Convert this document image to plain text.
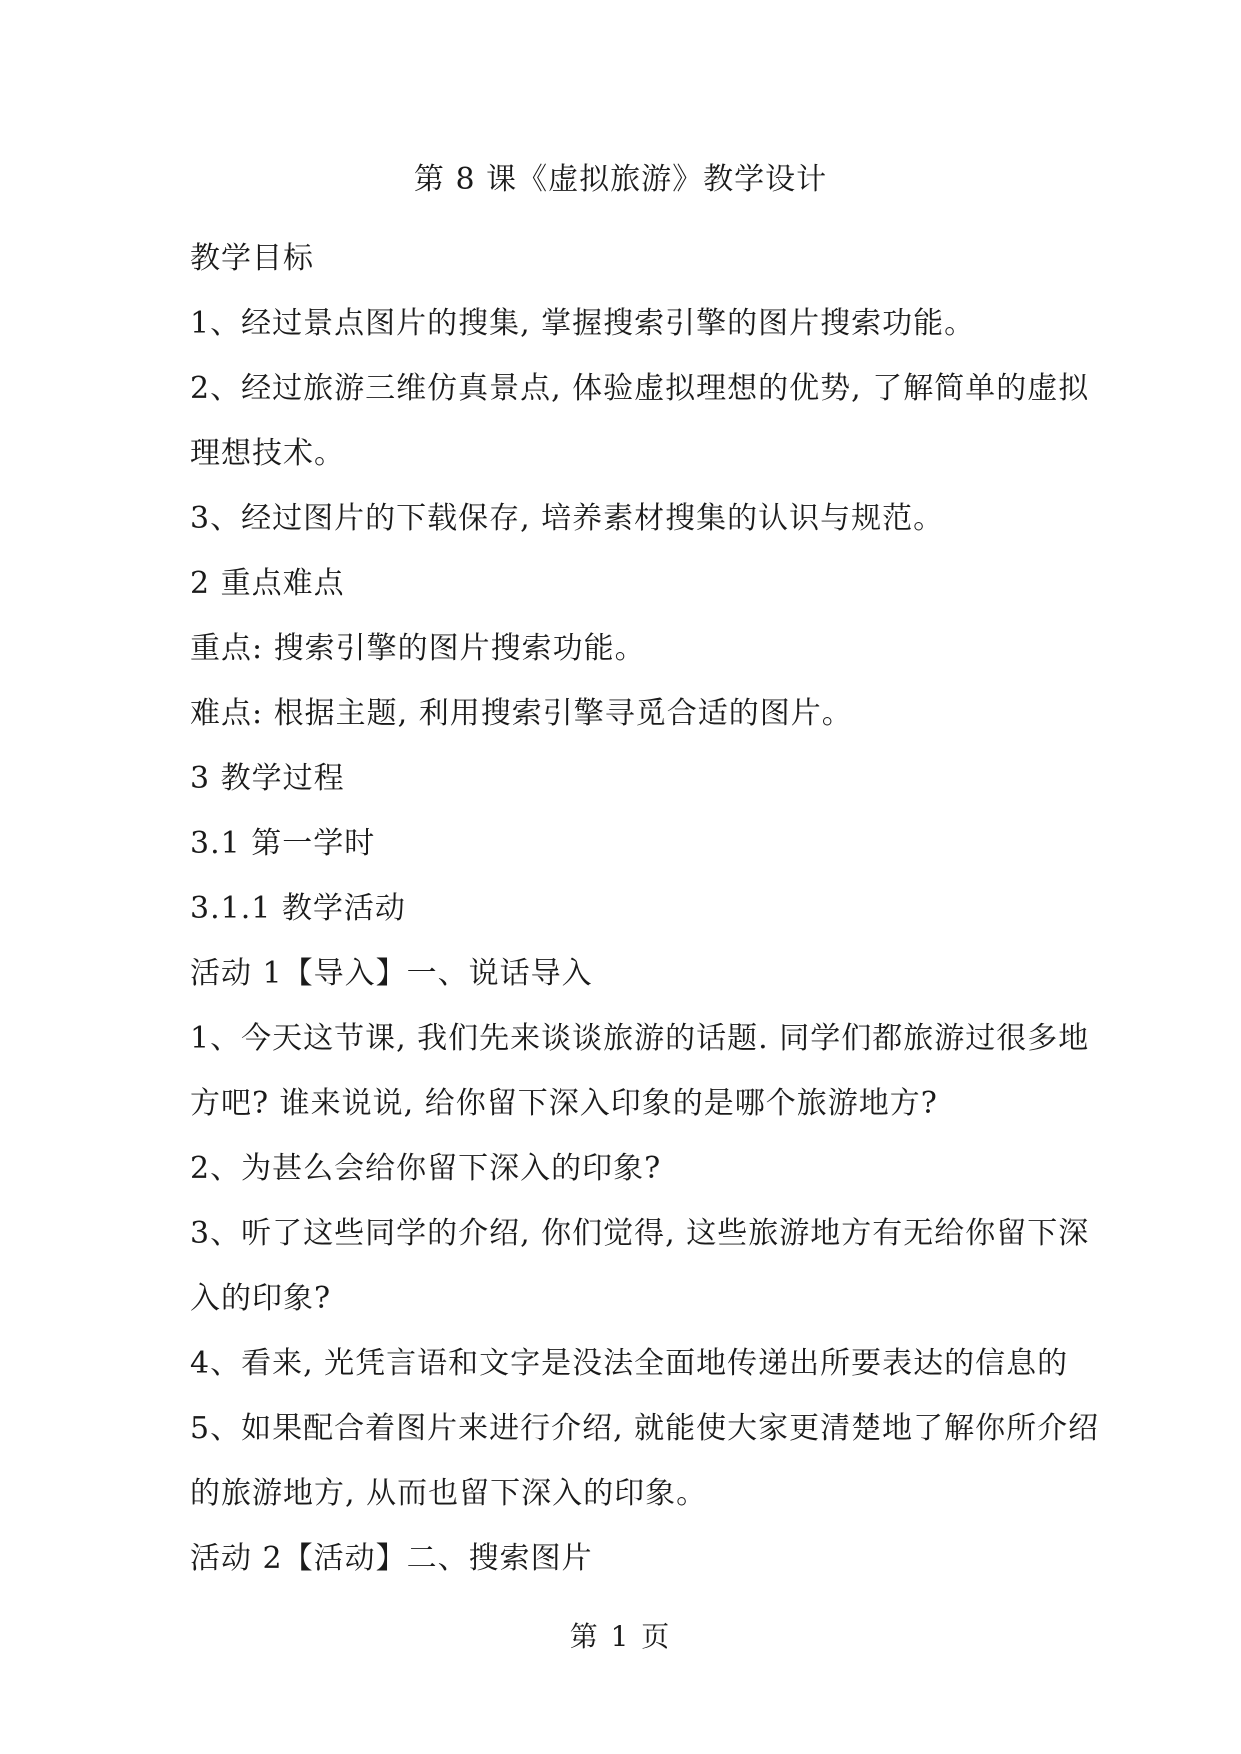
第 8 课《虚拟旅游》教学设计
教学目标
1、经过景点图片的搜集, 掌握搜索引擎的图片搜索功能。
2、经过旅游三维仿真景点, 体验虚拟理想的优势, 了解简单的虚拟
理想技术。
3、经过图片的下载保存, 培养素材搜集的认识与规范。
2 重点难点
重点: 搜索引擎的图片搜索功能。
难点: 根据主题, 利用搜索引擎寻觅合适的图片。
3 教学过程
3.1 第一学时
3.1.1 教学活动
活动 1【导入】一、说话导入
1、今天这节课, 我们先来谈谈旅游的话题. 同学们都旅游过很多地
方吧? 谁来说说, 给你留下深入印象的是哪个旅游地方?
2、为甚么会给你留下深入的印象?
3、听了这些同学的介绍, 你们觉得, 这些旅游地方有无给你留下深
入的印象?
4、看来, 光凭言语和文字是没法全面地传递出所要表达的信息的
5、如果配合着图片来进行介绍, 就能使大家更清楚地了解你所介绍
的旅游地方, 从而也留下深入的印象。
活动 2【活动】二、搜索图片
第 1 页
